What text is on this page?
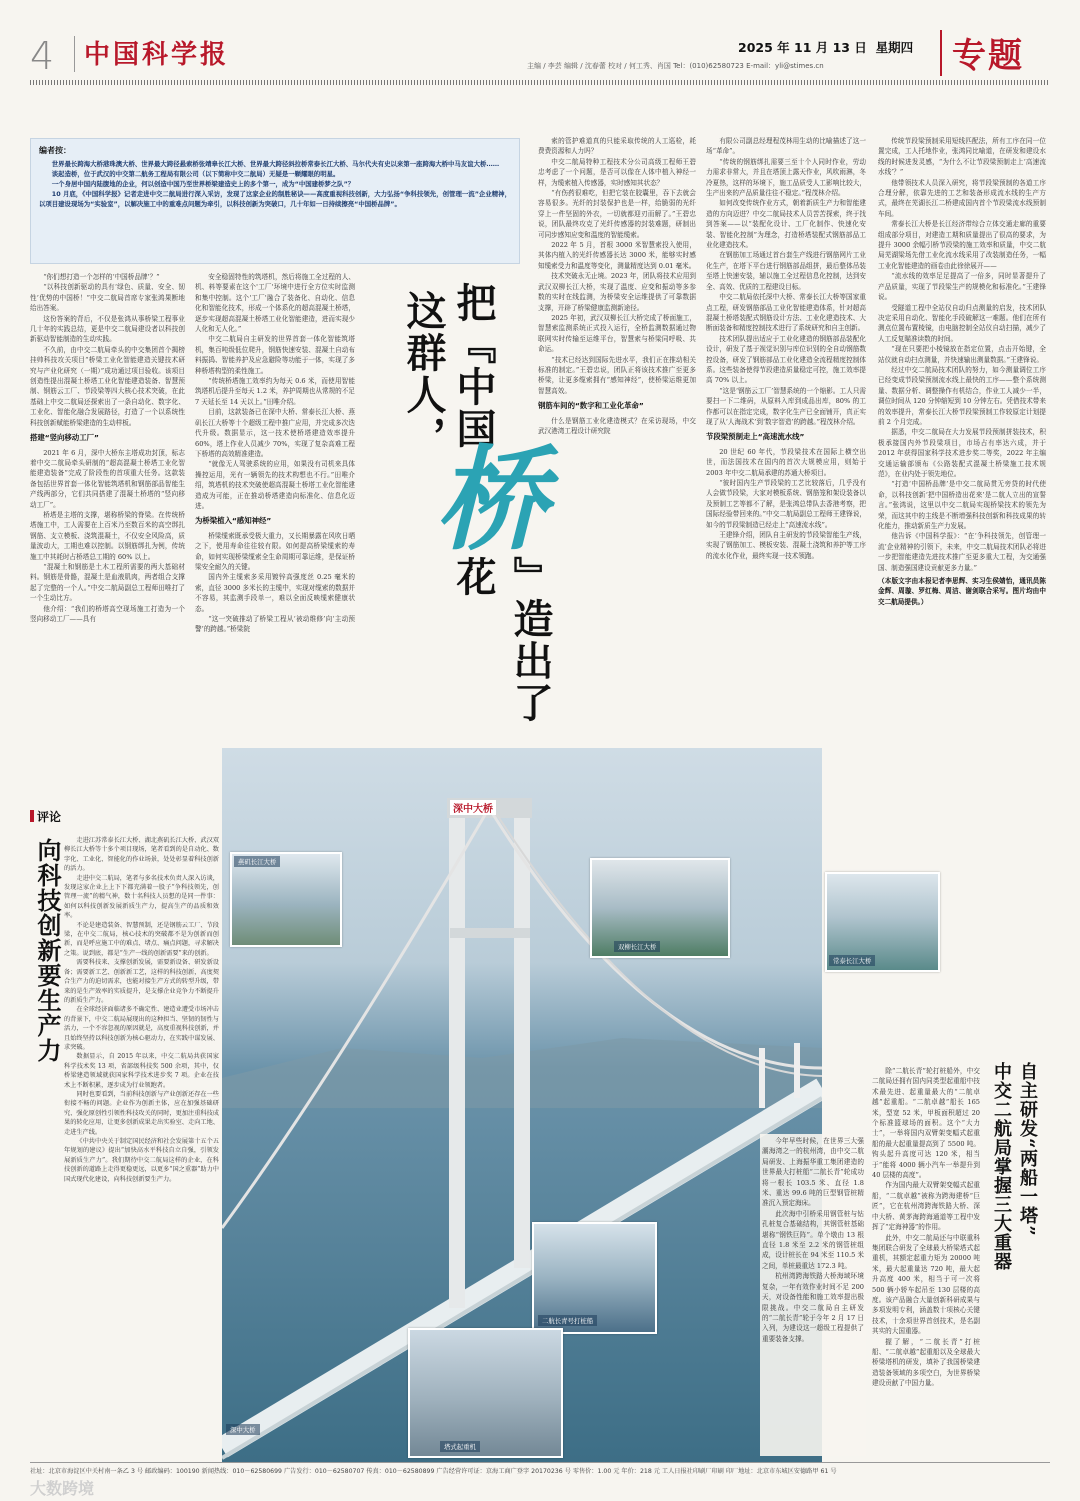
4 中国科学报	2025 年 11 月 13 日 星期四
主编 / 李芸 编辑 / 沈春蕾 校对 / 何工秀、肖国 Tel：(010)62580723 E-mail：yli@stimes.cn	专题
编者按：

世界最长跨海大桥港珠澳大桥、世界最大跨径悬索桥张靖皋长江大桥、世界最大跨径斜拉桥常泰长江大桥、马尔代夫有史以来第一座跨海大桥中马友谊大桥……

谈起造桥，位于武汉的中交第二航务工程局有限公司（以下简称中交二航局）无疑是一颗耀眼的明星。

一个身居中国内陆腹地的企业，何以创造中国乃至世界桥梁建造史上的多个第一，成为“中国建桥梦之队”？

10 月底，《中国科学报》记者走进中交二航局进行深入采访，发现了这家企业的制胜秘诀——高度重视科技创新，大力弘扬“争科技领先，创管理一流”企业精神，以项目建设现场为“实验室”，以解决施工中的重难点问题为牵引，以科技创新为突破口，几十年如一日持续擦亮“中国桥品牌”。

这群人， 把『中国
桥
』造出了花

“你们想打造一个怎样的‘中国桥品牌’？”

“以科技创新驱动的具有‘绿色、质量、安全、韧性’优势的中国桥！”中交二航局首席专家张鸿果断地给出答案。

这份答案的背后，不仅是张鸿从事桥梁工程事业几十年的实践总结，更是中交二航局建设者以科技创新驱动智能制造的生动实践。

不久前，由中交二航局牵头的中交集团首个揭榜挂帅科技攻关项目“桥梁工业化智能建造关键技术研究与产业化研究（一期）”成功通过项目验收。该项目创造性提出混凝土桥塔工业化智能建造装备、智慧预制、钢筋云工厂、节段梁等四大核心技术突破，在此基础上中交二航局还探索出了一条自动化、数字化、工业化、智能化融合发展路径，打造了一个以系统性科技创新赋能桥梁建造的生动样板。

搭建“竖向移动工厂”

2021 年 6 月，深中大桥东主塔成功封顶，标志着中交二航局牵头研制的“超高混凝土桥塔工业化智能建造装备”完成了阶段性的首项重大任务。这款装备包括世界首套一体化智能筑塔机和钢筋部品智能生产线两部分，它们共同搭建了混凝土桥塔的“竖向移动工厂”。

桥塔是主塔的支撑，堪称桥梁的脊梁。在传统桥塔施工中，工人需要在上百米乃至数百米的高空绑扎钢筋、支立模板、浇筑混凝土，不仅安全风险高，质量波动大，工期也难以控制。以钢筋绑扎为例，传统施工中其耗时占桥塔总工期的 60% 以上。

“混凝土和钢筋是土木工程所需要的两大基础材料。钢筋是骨骼，混凝土是血液肌肉，两者组合支撑起了完整的一个人。”中交二航局副总工程师田唯打了一个生动比方。

他介绍：“我们的桥塔高空现场施工打造为一个竖向移动工厂——具有

安全稳固特性的筑塔机，然后将施工全过程的人、机、料等要素在这个'工厂'环境中进行全方位实时监测和集中控制。这个'工厂'融合了装备化、自动化、信息化和智能化技术，形成一个体系化的超高混凝土桥塔，逐步实现超高混凝土桥塔工业化智能建造，进而实现少人化和无人化。”

中交二航局自主研发的世界首套一体化智能筑塔机，集百吨级低位爬升，钢筋快速安装、混凝土自动布料振捣、智能养护及应急避险等功能于一体，实现了多种桥塔构型的柔性施工。

“传统桥塔施工效率约为每天 0.6 米，而使用智能筑塔机后提升至每天 1.2 米，养护周期也从常规的不足 7 天延长至 14 天以上。”田唯介绍。

目前，这款装备已在深中大桥、常泰长江大桥、燕矶长江大桥等十个超级工程中推广应用，并完成多次迭代升级。数据显示，这一技术使桥塔建造效率提升 60%，塔上作业人员减少 70%，实现了复杂高难工程下桥塔的高效精准建造。

“就像无人驾驶系统的应用，如果没有司机来具体操控运用，光有一辆领先的技术构想也不行。”田唯介绍，筑塔机的技术突破使超高混凝土桥塔工业化智能建造成为可能，正在推动桥塔建造向标准化、信息化迈进。

为桥梁植入“感知神经”

桥梁缆索既承受极大重力，又长期暴露在风吹日晒之下，使用寿命往往较有限。如何提高桥梁缆索的寿命，如何实现桥梁缆索全生命周期可靠运维，是保证桥梁安全耐久的关键。

国内外主缆索多采用镀锌高强度丝 0.25 毫米的索，直径 3000 多米长的主缆中，实现对缆索的数据并不容易，其监测手段单一，难以全面反映缆索健康状态。

“这一突破推动了桥梁工程从‘被动维修’向‘主动预警’的跨越。”桥梁院

索的管护难道真的只能采取传统的人工巡检，耗费费资源和人力吗？

中交二航局特种工程技术分公司高级工程师王碧忠考虑了一个问题，是否可以像在人体中植入神经一样，为缆索植入传感器，实时感知其状态？

“有伤药很难吃，但把它装在胶囊里，吞下去就会容易很多。光纤的封装保护也是一样，给脆弱的光纤穿上一件坚固的外衣，一切就都迎刃而解了。”王碧忠说，团队最终攻克了光纤传感器的封装难题，研制出可同步感知应变和温度的智能缆索。

2022 年 5 月，首根 3000 米智慧索投入使用，其体内植入的光纤传感器长达 3000 米，能够实时感知缆索受力和温度等变化，测量精度达到 0.01 毫米。

技术突破永无止境。2023 年，团队将技术应用到武汉双柳长江大桥，实现了温度、应变和振动等多参数的实时在线监测，为桥梁安全运维提供了可靠数据支撑，开辟了桥梁健康监测新途径。

2025 年初，武汉双柳长江大桥完成了桥面施工，智慧索监测系统正式投入运行，全桥监测数据通过物联网实时传输至运维平台，智慧索与桥梁同呼吸、共命运。

“技术已经达到国际先进水平，我们正在推动相关标准的制定。”王碧忠说，团队正将该技术推广至更多桥梁，让更多缆索拥有“感知神经”，使桥梁运维更加智慧高效。

钢筋车间的“数字和工业化革命”

什么是钢筋工业化建造模式？在采访现场，中交武汉港湾工程设计研究院

有限公司副总经理程茂林用生动的比喻描述了这一场“革命”。

“传统的钢筋绑扎需要三至十个人同时作业，劳动力需求非常大，并且在塔顶上露天作业，风吹雨淋，冬冷夏热，这样的环境下，施工品质受人工影响比较大，生产出来的产品质量往往不稳定。”程茂林介绍。

如何改变传统作业方式，朝着新质生产力和智能建造的方向迈进？中交二航局技术人员苦苦探索，终于找到答案——以“装配化设计、工厂化制作、快速化安装、智能化控制”为理念，打造桥塔装配式钢筋部品工业化建造技术。

在钢筋加工场通过首台套生产线进行钢筋网片工业化生产，在塔下平台进行钢筋部品组拼，最后整体吊装至塔上快速安装，辅以施工全过程信息化控制，达到安全、高效、优质的工程建设目标。

中交二航局依托深中大桥、常泰长江大桥等国家重点工程，研发钢筋部品工业化智能建造体系，针对超高混凝土桥塔装配式钢筋设计方法、工业化建造技术、大断面装备和精度控制技术进行了系统研究和自主创新。

技术团队提出适应于工业化建造的钢筋部品装配化设计，研发了基于视觉识别与库位识别的全自动钢筋数控设备，研发了钢筋部品工业化建造全流程精度控制体系。这些装备使得节段建造质量稳定可控，施工效率提高 70% 以上。

“这是‘钢筋云工厂’智慧系统的一个缩影。工人只需要扫一下二维码，从原料入库到成品出库，80% 的工作都可以在指定完成，数字化生产已全面铺开，真正实现了从‘人海战术’到‘数字智造’的跨越。”程茂林介绍。

节段梁预制走上“高速流水线”

20 世纪 60 年代，节段梁技术在国际上横空出世，而法国技术在国内的首次大规模应用，则始于 2003 年中交二航局承建的苏通大桥项目。

“彼时国内生产节段梁的工艺比较落后，几乎没有人会做节段梁，大家对模板系统、钢筋笼和架设装备以及预制工艺等都不了解，是张鸿总带队去香港考察，把国际经验带回来的。”中交二航局副总工程师王建锋说，如今的节段梁制造已经走上“高速流水线”。

王建锋介绍，团队自主研发的节段梁智能生产线，实现了钢筋加工、模板安装、混凝土浇筑和养护等工序的流水化作业，最终实现一技术领跑。

传统节段梁预制采用短线匹配法，所有工序在同一位置完成，工人托地作业，张鸿同比喻道，在研发和建设水线的时候进发灵感，“为什么不让节段梁预制走上‘高速流水线’？”

他带领技术人员深入研究，将节段梁预制的各道工序合理分解，依靠先进的工艺和装备形成流水线的生产方式，最终在芜湖长江二桥建成国内首个节段梁流水线预制车间。

常泰长江大桥是长江经济带综合立体交通走廊的重要组成部分项目，对建造工期和质量提出了很高的要求，为提升 3000 余幅引桥节段梁的施工效率和质量，中交二航局芜湖梁场先借工业化流水线采用了改装制造任务，一幅工业化智能建造的画卷由此徐徐展开——

“流水线的效率足足提高了一倍多，同时显著提升了产品质量，实现了节段梁生产的规模化和标准化。”王建锋说。

受隧道工程中全站仪自动归点测量的启发，技术团队决定采用自动化、智能化手段破解这一难题。他们在所有测点位置布置棱镜，由电脑控制全站仪自动扫描，减少了人工反复瞄准读数的时间。

“现在只要把小棱镜放在指定位置，点击开始键，全站仪就自动扫点测量，并快速输出测量数据。”王建锋说。

经过中交二航局技术团队的努力，如今测量调位工序已经变成节段梁预制流水线上最快的工序——整个系统测量、数据分析、调整操作有机结合，作业工人减少一半，调位时间从 120 分钟缩短到 10 分钟左右。凭借技术带来的效率提升，常泰长江大桥节段梁预制工作较原定计划提前 2 个月完成。

据悉，中交二航局在大力发展节段预制拼装技术，积极承接国内外节段梁项目，市场占有率达六成，并于 2012 年获得国家科学技术进步奖二等奖，2022 年主编交通运输部颁布《公路装配式混凝土桥梁施工技术规范》，在业内处于领先地位。

“打造‘中国桥品牌’是中交二航局贯无旁贷的时代使命，以科技创新‘把中国桥造出花来’是二航人立出的宣誓言。”张鸿说，这里以中交二航局实现桥梁技术的领先为荣，而这其中的主线是不断增强科技创新和科技成果的转化能力，推动新质生产力发展。

他告诉《中国科学报》：“在‘争科技领先，创管理一流’企业精神的引领下，未来，中交二航局技术团队必将进一步把智能建造先进技术推广至更多重大工程，为交通强国、制造强国建设贡献更多力量。”

（本版文字由本报记者李思辉、实习生侯婧怡，通讯员陈金辉、周璇、罗红梅、周洁、谢剑联合采写。图片均由中交二航局提供。）

深中大桥
燕矶长江大桥
双柳长江大桥
常泰长江大桥
二航长青号打桩船
塔式起重机
深中大桥
评论
向科技创新要生产力	走进江苏常泰长江大桥、湖北燕矶长江大桥、武汉双柳长江大桥等十多个项目现场，笔者看到的是自动化、数字化、工业化、智能化的作业场景，处处彰显着科技创新的活力。

走进中交二航局，笔者与多名技术负责人深入访谈，发现这家企业上上下下都充满着一股子“争科技领先，创管理一流”的精气神，数十名科技人员想的是同一件事：如何以科技创新发展新质生产力，提高生产的品质和效率。

不论是建造装备、智慧预制，还是钢筋云工厂、节段梁，在中交二航局，核心技术的突破都不是为创新而创新，而是呼应施工中的难点、堵点、痛点问题，寻求解决之策。说到底，都是“生产一线的创新需要”来的创新。

需要科技来、支撑创新发展，需要新设备、研发新设备；需要新工艺、创新新工艺，这样的科技创新，高度契合生产力的迫切需求，也能对接生产方式的转型升级，带来的是生产效率的实质提升，是支撑企业竞争力不断提升的新质生产力。

在全球经济面临诸多不确定性、建造业遭受市场冲击的背景下，中交二航局展现出的这种担当、坚韧的韧性与活力，一个不容忽视的原因就是，高度重视科技创新，并且始终坚持以科技创新为核心驱动力，在实践中谋发展、求突破。

数据显示，自 2015 年以来，中交二航局共获国家科学技术奖 13 项，省部级科技奖 500 余项，其中，仅桥梁建造领域就获国家科学技术进步奖 7 项。企业在技术上不断积累，逐步成为行业领跑者。

同时也要看到，当前科技创新与产业创新还存在一些衔接不畅的问题。企业作为创新主体，应在加强基础研究、强化原创性引领性科技攻关的同时，更加注重科技成果的转化应用，让更多创新成果走出实验室、走向工地、走进生产线。

《中共中央关于制定国民经济和社会发展第十五个五年规划的建议》提出“加快高水平科技自立自强，引领发展新质生产力”。我们期待中交二航局这样的企业，在科技创新的道路上走得更稳更远，以更多“国之重器”助力中国式现代化建设，向科技创新要生产力。	自主研发“两船一塔”
中交二航局掌握三大重器

除“二航长青”轮打桩船外，中交二航局还拥有国内同类型起重船中技术最先进、起重量最大的“二航卓越”起重船。“二航卓越”船长 165 米，型宽 52 米，甲板面积超过 20 个标准篮球场的面积。这个“大力士”，一举将国内双臂架变幅式起重船的最大起重量提高到了 5500 吨。钩头起升高度可达 120 米，相当于“能将 4000 辆小汽车一举提升到 40 层楼的高度”。

作为国内最大双臂架变幅式起重船，“二航卓越”被称为跨海建桥“巨匠”，它在杭州湾跨海铁路大桥、深中大桥、黄茅海跨海通道等工程中发挥了“定海神器”的作用。

此外，中交二航局还与中联重科集团联合研发了全球最大桥梁塔式起重机，其额定起重力矩为 20000 吨米，最大起重量达 720 吨，最大起升高度 400 米，相当于可一次将 500 辆小轿车起吊至 130 层楼的高度。该产品融合大量创新科研成果与多项发明专利，涵盖数十项核心关键技术，十余项世界首创技术，是名副其实的大国重器。

握了解，“二航长青”打桩船、“二航卓越”起重船以及全球最大桥梁塔机的研发，填补了我国桥梁建造装备领域的多项空白，为世界桥梁建设贡献了中国力量。

今年早些时候，在世界三大强潮海湾之一的杭州湾，由中交二航局研发、上海振华重工集团建造的世界最大打桩船“二航长青”轮成功将一根长 103.5 米、直径 1.8 米、重达 99.6 吨的巨型钢管桩精准沉入预定海床。

此次海中引桥采用钢管桩与钻孔桩复合基础结构，其钢管桩基础堪称“钢铁巨阵”。单个墩由 13 根直径 1.8 米至 2.2 米的钢管桩组成，设计桩长在 94 米至 110.5 米之间，单桩最重达 172.3 吨。

杭州湾跨海铁路大桥海域环境复杂，一年有效作业时间不足 200 天，对设备性能和施工效率提出极限挑战。中交二航局自主研发的“二航长青”轮于今年 2 月 17 日入列，为建设这一超级工程提供了重要装备支撑。

社址：北京市海淀区中关村南一条乙 3 号 邮政编码：100190 新闻热线：010－62580699 广告发行：010－62580707 传真：010－62580899 广告经营许可证：京海工商广登字 20170236 号 零售价：1.00 元 年价：218 元 工人日报社印刷厂印刷 印厂地址：北京市东城区安德路甲 61 号
大数跨境
